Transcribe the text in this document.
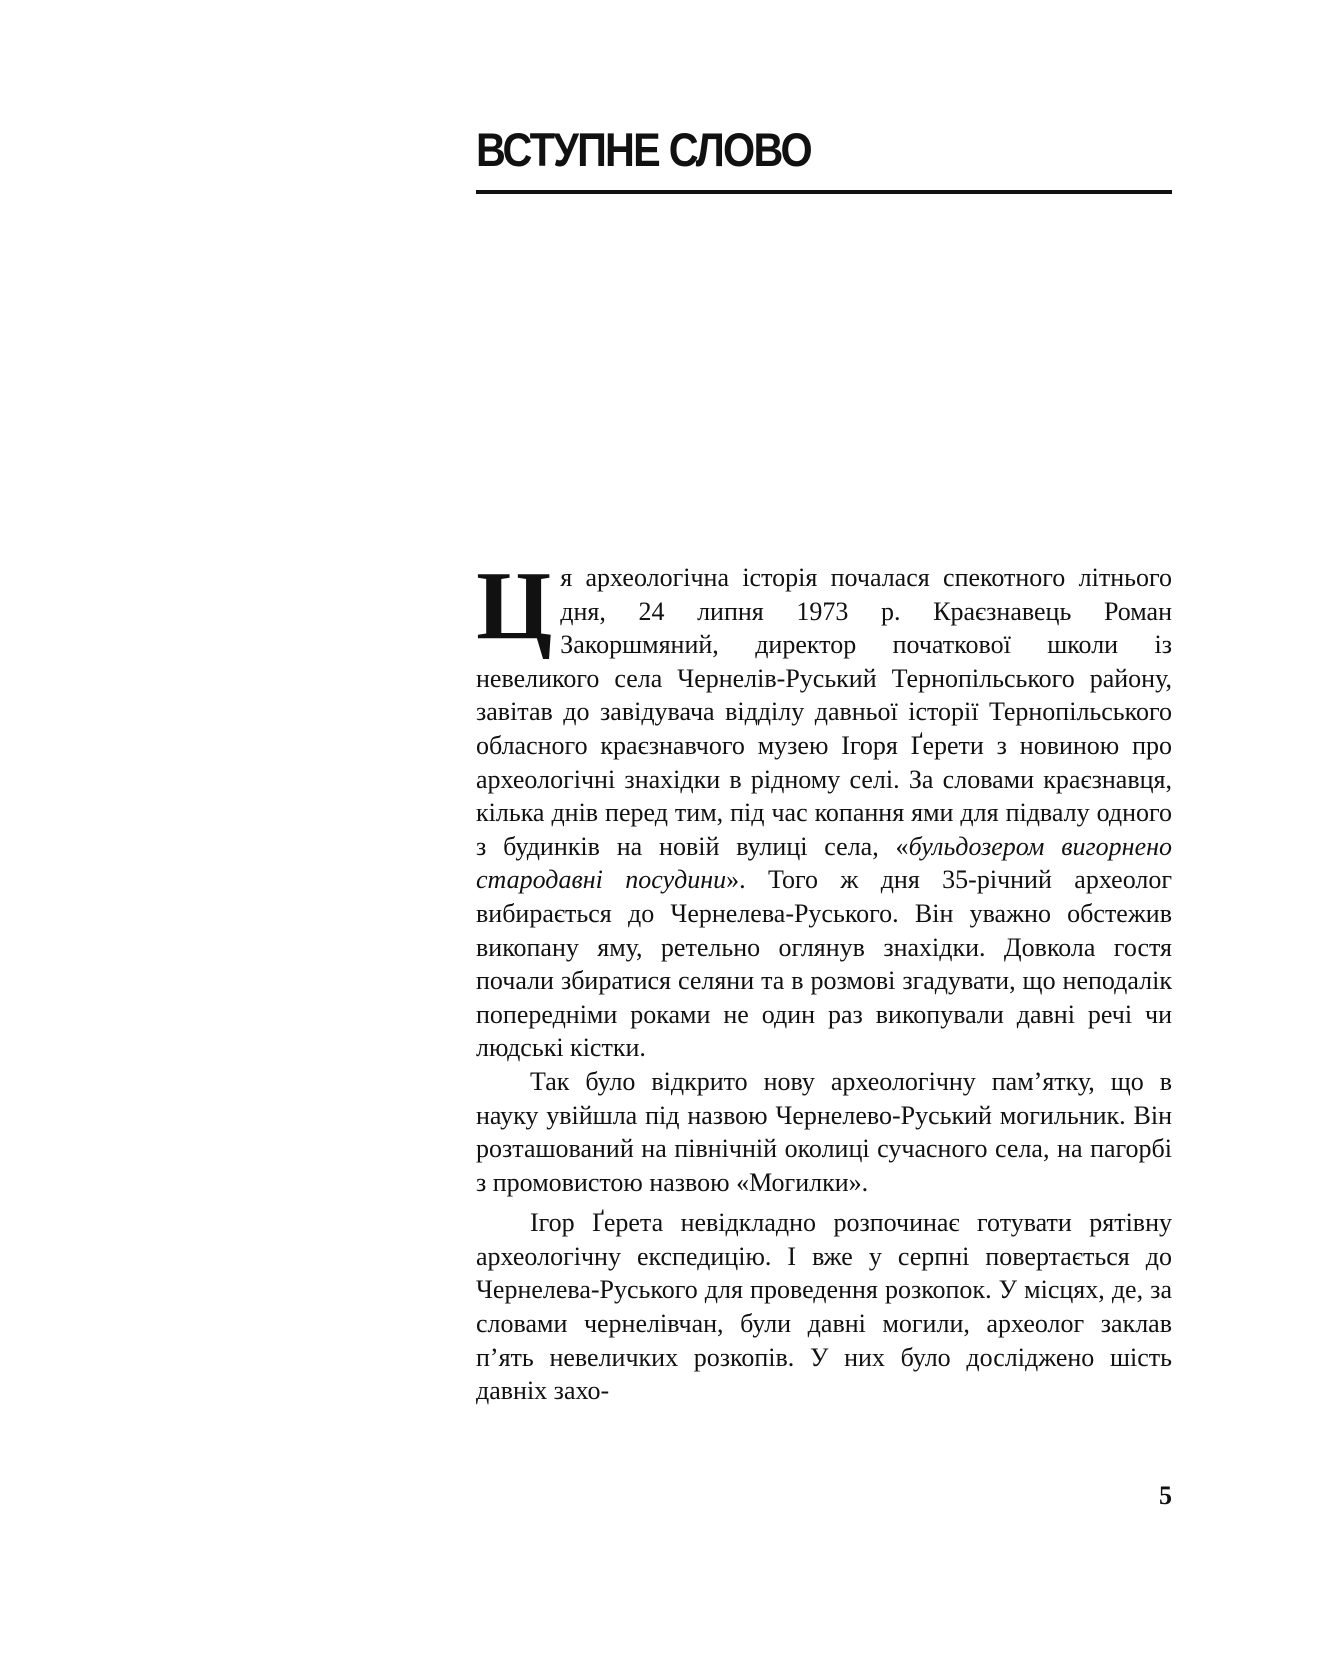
ВСТУПНЕ СЛОВО

Ця археологічна історія почалася спекотного літнього дня, 24 липня 1973 р. Краєзнавець Роман Закоршмяний, директор початкової школи із невеликого села Чернелів-Руський Тернопільського району, завітав до завідувача відділу давньої історії Тернопільського обласного краєзнавчого музею Ігоря Ґерети з новиною про археологічні знахідки в рідному селі. За словами краєзнавця, кілька днів перед тим, під час копання ями для підвалу одного з будинків на новій вулиці села, «бульдозером вигорнено стародавні посудини». Того ж дня 35-річний археолог вибирається до Чернелева-Руського. Він уважно обстежив викопану яму, ретельно оглянув знахідки. Довкола гостя почали збиратися селяни та в розмові згадувати, що неподалік попередніми роками не один раз викопували давні речі чи людські кістки.

Так було відкрито нову археологічну пам’ятку, що в науку увійшла під назвою Чернелево-Руський могильник. Він розташований на північній околиці сучасного села, на пагорбі з промовистою назвою «Могилки».

Ігор Ґерета невідкладно розпочинає готувати рятівну археологічну експедицію. І вже у серпні повертається до Чернелева-Руського для проведення розкопок. У місцях, де, за словами чернелівчан, були давні могили, археолог заклав п’ять невеличких розкопів. У них було досліджено шість давніх захо-

5
